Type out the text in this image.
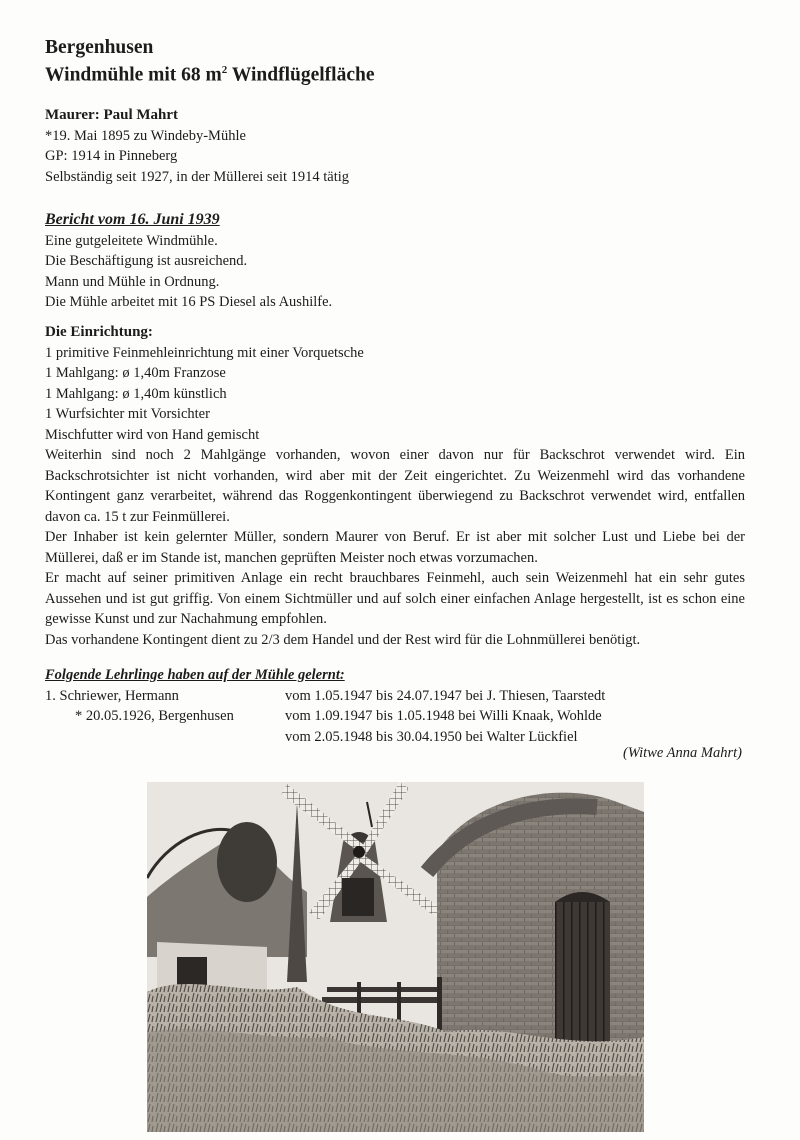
Bergenhusen
Windmühle mit 68 $m^2$ Windflügelfläche
Maurer: Paul Mahrt
*19. Mai 1895 zu Windeby-Mühle
GP: 1914 in Pinneberg
Selbständig seit 1927, in der Müllerei seit 1914 tätig
Bericht vom 16. Juni 1939
Eine gutgeleitete Windmühle.
Die Beschäftigung ist ausreichend.
Mann und Mühle in Ordnung.
Die Mühle arbeitet mit 16 PS Diesel als Aushilfe.
Die Einrichtung:
1 primitive Feinmehleinrichtung mit einer Vorquetsche
1 Mahlgang: ø 1,40m Franzose
1 Mahlgang: ø 1,40m künstlich
1 Wurfsichter mit Vorsichter
Mischfutter wird von Hand gemischt
Weiterhin sind noch 2 Mahlgänge vorhanden, wovon einer davon nur für Backschrot verwendet wird. Ein Backschrotsichter ist nicht vorhanden, wird aber mit der Zeit eingerichtet. Zu Weizenmehl wird das vorhandene Kontingent ganz verarbeitet, während das Roggenkontingent überwiegend zu Backschrot verwendet wird, entfallen davon ca. 15 t zur Feinmüllerei.
Der Inhaber ist kein gelernter Müller, sondern Maurer von Beruf. Er ist aber mit solcher Lust und Liebe bei der Müllerei, daß er im Stande ist, manchen geprüften Meister noch etwas vorzumachen.
Er macht auf seiner primitiven Anlage ein recht brauchbares Feinmehl, auch sein Weizenmehl hat ein sehr gutes Aussehen und ist gut griffig. Von einem Sichtmüller und auf solch einer einfachen Anlage hergestellt, ist es schon eine gewisse Kunst und zur Nachahmung empfohlen.
Das vorhandene Kontingent dient zu 2/3 dem Handel und der Rest wird für die Lohnmüllerei benötigt.
Folgende Lehrlinge haben auf der Mühle gelernt:
1. Schriewer, Hermann	vom 1.05.1947 bis 24.07.1947 bei J. Thiesen, Taarstedt
* 20.05.1926, Bergenhusen	vom 1.09.1947 bis 1.05.1948 bei Willi Knaak, Wohlde
vom 2.05.1948 bis 30.04.1950 bei Walter Lückfiel
(Witwe Anna Mahrt)
